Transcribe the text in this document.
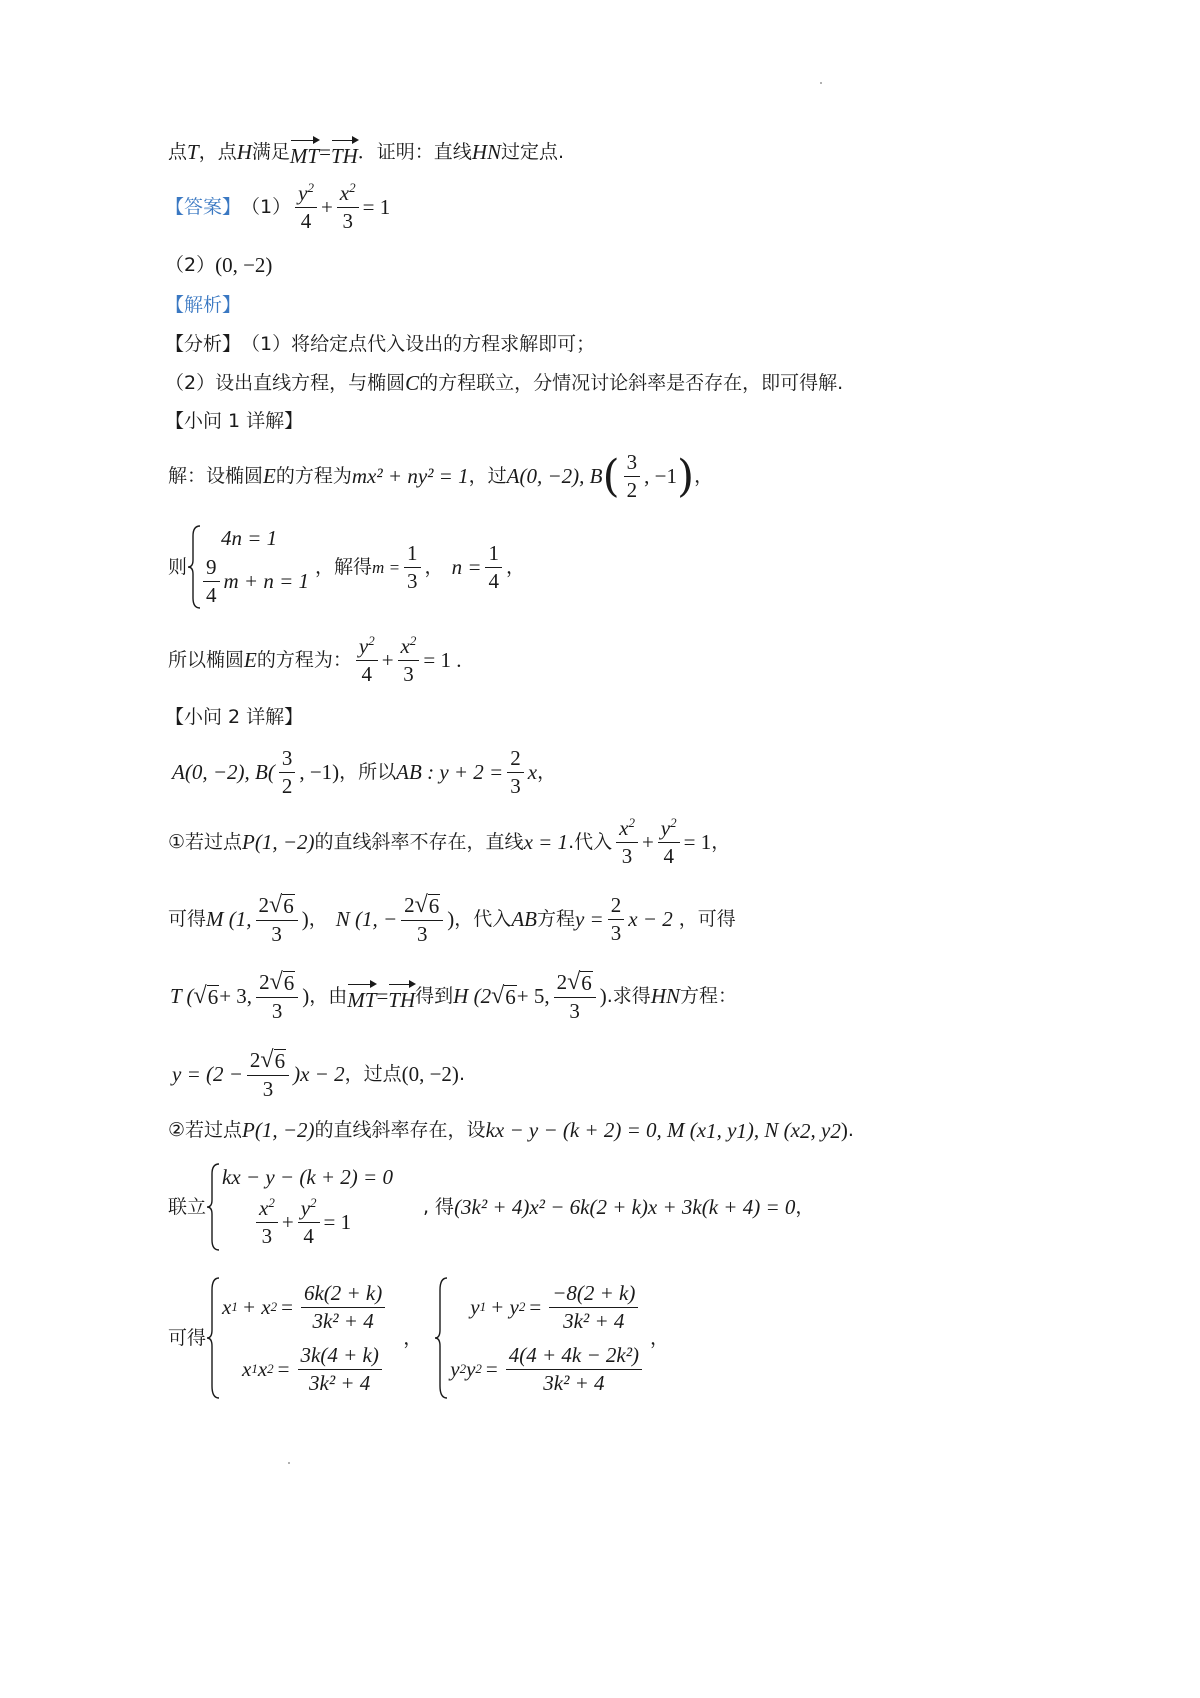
点 T ，点 H 满足 MT = TH ．证明：直线 HN 过定点.
【答案】 $(1) \frac{y^2}{4} + \frac{x^2}{3} = 1$
（2） (0, −2)
【解析】
【分析】 （1）将给定点代入设出的方程求解即可；
（2）设出直线方程，与椭圆 C 的方程联立，分情况讨论斜率是否存在，即可得解.
【小问 1 详解】
解：设椭圆 E 的方程为 mx² + ny² = 1 ，过 A(0, −2), B ( $\frac{3}{2}$ , −1 ) ，
则
4n = 1
$\frac{9}{4}$ m + n = 1
，解得 $m = \frac{1}{3}$ ， $n = \frac{1}{4}$ ，
所以椭圆 E 的方程为： $\frac{y^2}{4} + \frac{x^2}{3} = 1$ .
【小问 2 详解】
A(0, −2), $B( \frac{3}{2}$ , −1) ，所以 AB : $y + 2 = \frac{2}{3}$ x ，
①若过点 P(1, −2) 的直线斜率不存在，直线 x = 1 .代入 $\frac{x^2}{3} + \frac{y^2}{4} = 1$ ，
可得 M (1, $\frac{2 √ 6}{3}$ ) ， N (1, − $\frac{2 √ 6}{3}$ ) ，代入 AB 方程 $y = \frac{2}{3}$ x − 2 ，可得
T ( √ 6 + 3, $\frac{2 √ 6}{3}$ ) ，由 MT = TH 得到 H (2 √ 6 + 5, $\frac{2 √ 6}{3}$ ) .求得 HN 方程：
$y = (2 - \frac{2 √ 6}{3} )x - 2$ ，过点 (0, −2) .
②若过点 P(1, −2) 的直线斜率存在，设 kx − y − (k + 2) = 0, M (x 1 , y 1 ), N (x 2 , y 2 ) .
联立
kx − y − (k + 2) = 0
$\frac{x^2}{3} + \frac{y^2}{4} = 1$
, 得 (3k² + 4)x² − 6k(2 + k)x + 3k(k + 4) = 0 ，
可得
x 1 + x $2 = \frac{6k(2 + k)}{\text{3k² + 4}}$
x 1 x $2 = \frac{3k(4 + k)}{\text{3k² + 4}}$
，
y 1 + y $2 = \frac{-8(2 + k)}{\text{3k² + 4}}$
y 2 y $2 = \frac{\text{4(4 + 4k − 2k²)}}{\text{3k² + 4}}$
，
